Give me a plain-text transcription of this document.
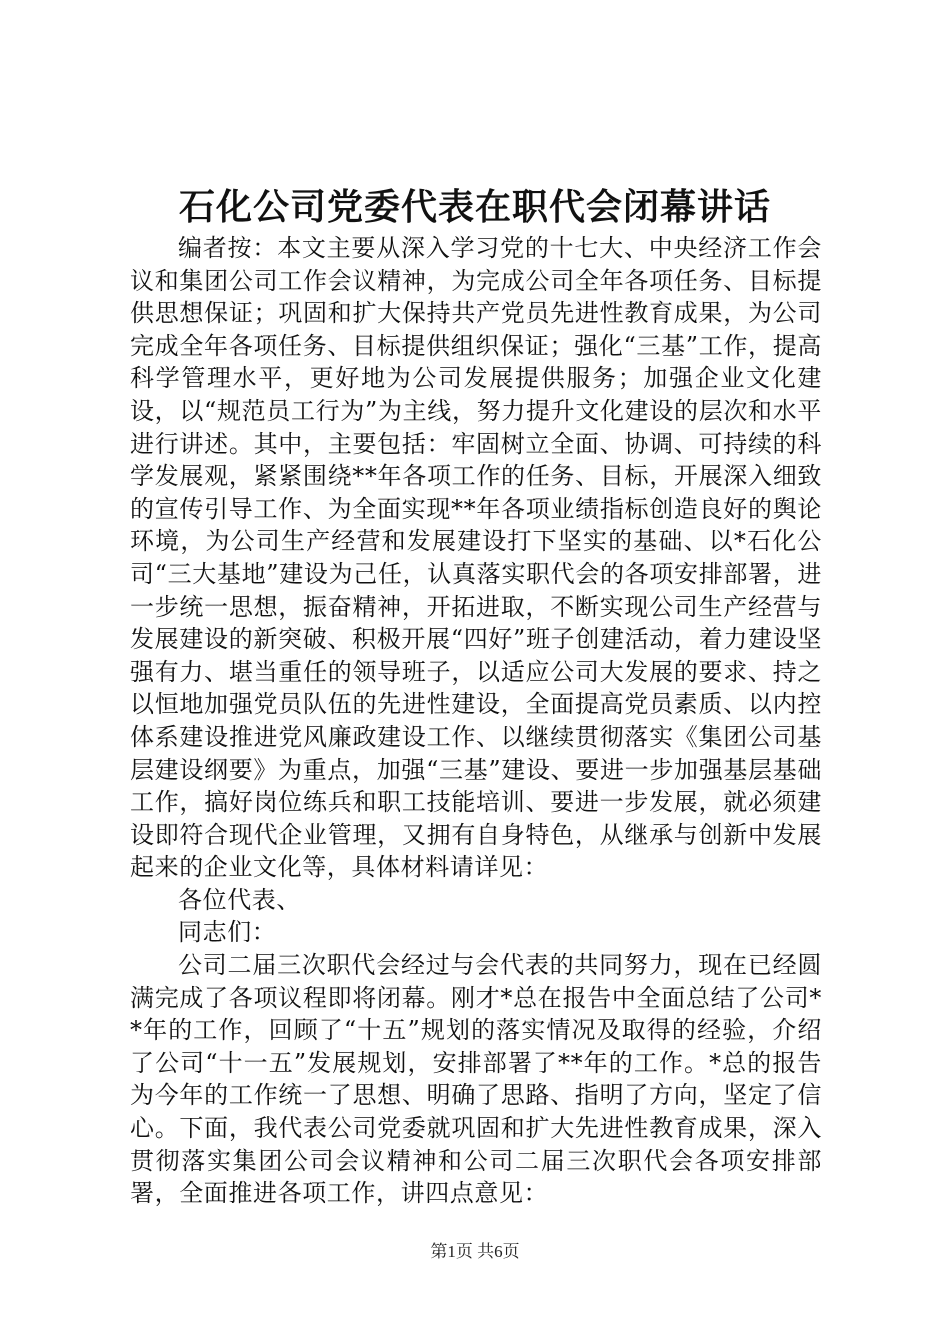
石化公司党委代表在职代会闭幕讲话

编者按：本文主要从深入学习党的十七大、中央经济工作会议和集团公司工作会议精神，为完成公司全年各项任务、目标提供思想保证；巩固和扩大保持共产党员先进性教育成果，为公司完成全年各项任务、目标提供组织保证；强化“三基”工作，提高科学管理水平，更好地为公司发展提供服务；加强企业文化建设，以“规范员工行为”为主线，努力提升文化建设的层次和水平进行讲述。其中，主要包括：牢固树立全面、协调、可持续的科学发展观，紧紧围绕**年各项工作的任务、目标，开展深入细致的宣传引导工作、为全面实现**年各项业绩指标创造良好的舆论环境，为公司生产经营和发展建设打下坚实的基础、以*石化公司“三大基地”建设为己任，认真落实职代会的各项安排部署，进一步统一思想，振奋精神，开拓进取，不断实现公司生产经营与发展建设的新突破、积极开展“四好”班子创建活动，着力建设坚强有力、堪当重任的领导班子，以适应公司大发展的要求、持之以恒地加强党员队伍的先进性建设，全面提高党员素质、以内控体系建设推进党风廉政建设工作、以继续贯彻落实《集团公司基层建设纲要》为重点，加强“三基”建设、要进一步加强基层基础工作，搞好岗位练兵和职工技能培训、要进一步发展，就必须建设即符合现代企业管理，又拥有自身特色，从继承与创新中发展起来的企业文化等，具体材料请详见：

各位代表、

同志们：

公司二届三次职代会经过与会代表的共同努力，现在已经圆满完成了各项议程即将闭幕。刚才*总在报告中全面总结了公司**年的工作，回顾了“十五”规划的落实情况及取得的经验，介绍了公司“十一五”发展规划，安排部署了**年的工作。*总的报告为今年的工作统一了思想、明确了思路、指明了方向，坚定了信心。下面，我代表公司党委就巩固和扩大先进性教育成果，深入贯彻落实集团公司会议精神和公司二届三次职代会各项安排部署，全面推进各项工作，讲四点意见：

第1页 共6页
